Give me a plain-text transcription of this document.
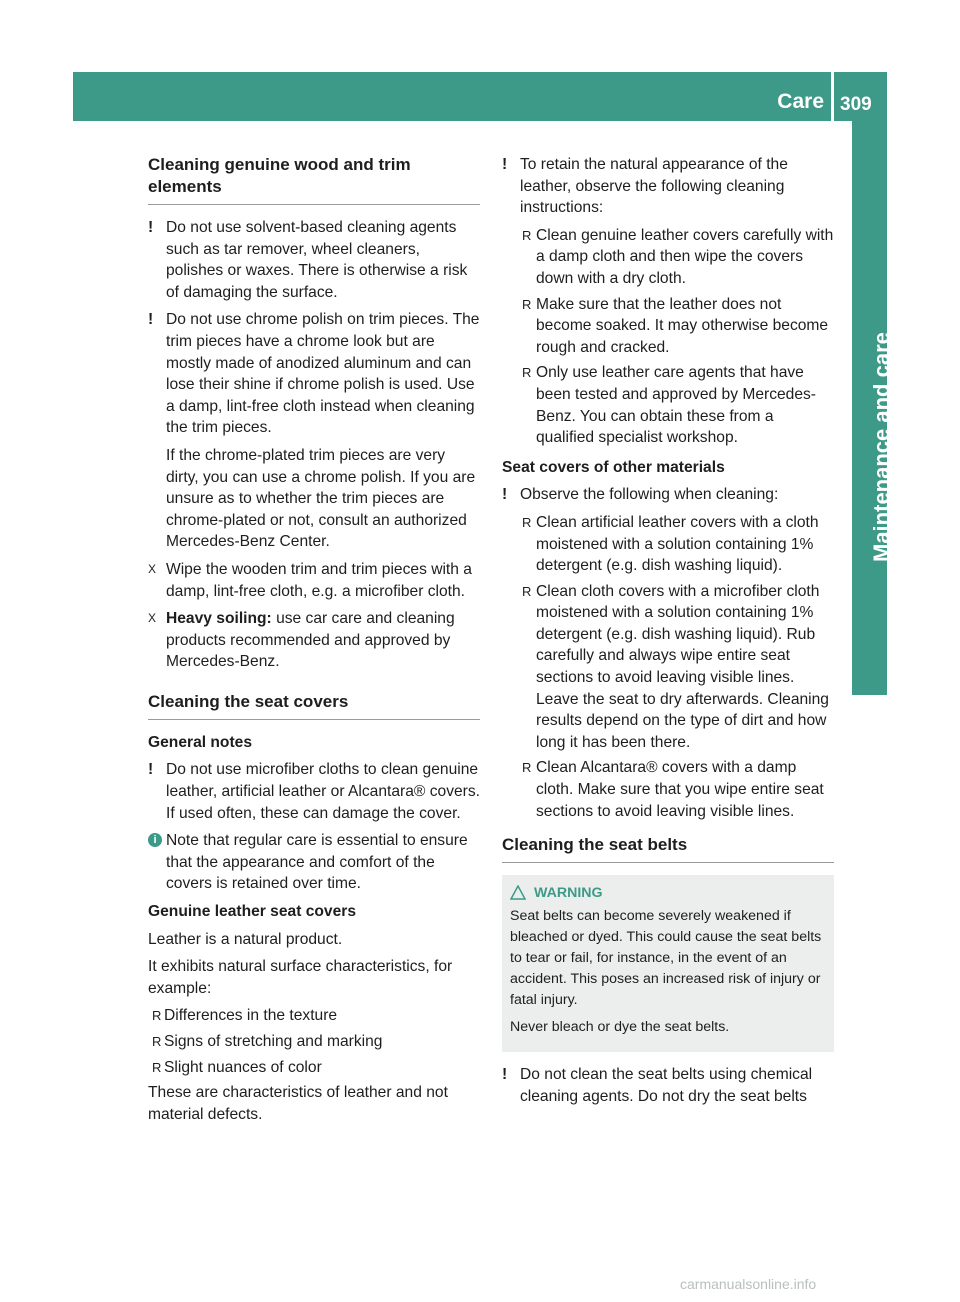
Care 309
Maintenance and care
Cleaning genuine wood and trim elements
! Do not use solvent-based cleaning agents such as tar remover, wheel cleaners, polishes or waxes. There is otherwise a risk of damaging the surface.
! Do not use chrome polish on trim pieces. The trim pieces have a chrome look but are mostly made of anodized aluminum and can lose their shine if chrome polish is used. Use a damp, lint-free cloth instead when cleaning the trim pieces.
If the chrome-plated trim pieces are very dirty, you can use a chrome polish. If you are unsure as to whether the trim pieces are chrome-plated or not, consult an authorized Mercedes-Benz Center.
X Wipe the wooden trim and trim pieces with a damp, lint-free cloth, e.g. a microfiber cloth.
X Heavy soiling: use car care and cleaning products recommended and approved by Mercedes-Benz.
Cleaning the seat covers
General notes
! Do not use microfiber cloths to clean genuine leather, artificial leather or Alcantara® covers. If used often, these can damage the cover.
i Note that regular care is essential to ensure that the appearance and comfort of the covers is retained over time.
Genuine leather seat covers

Leather is a natural product.

It exhibits natural surface characteristics, for example:

R Differences in the texture
R Signs of stretching and marking
R Slight nuances of color

These are characteristics of leather and not material defects.

! To retain the natural appearance of the leather, observe the following cleaning instructions:
R Clean genuine leather covers carefully with a damp cloth and then wipe the covers down with a dry cloth.
R Make sure that the leather does not become soaked. It may otherwise become rough and cracked.
R Only use leather care agents that have been tested and approved by Mercedes-Benz. You can obtain these from a qualified specialist workshop.
Seat covers of other materials
! Observe the following when cleaning:
R Clean artificial leather covers with a cloth moistened with a solution containing 1% detergent (e.g. dish washing liquid).
R Clean cloth covers with a microfiber cloth moistened with a solution containing 1% detergent (e.g. dish washing liquid). Rub carefully and always wipe entire seat sections to avoid leaving visible lines. Leave the seat to dry afterwards. Cleaning results depend on the type of dirt and how long it has been there.
R Clean Alcantara® covers with a damp cloth. Make sure that you wipe entire seat sections to avoid leaving visible lines.
Cleaning the seat belts
WARNING

Seat belts can become severely weakened if bleached or dyed. This could cause the seat belts to tear or fail, for instance, in the event of an accident. This poses an increased risk of injury or fatal injury.

Never bleach or dye the seat belts.

! Do not clean the seat belts using chemical cleaning agents. Do not dry the seat belts
carmanualsonline.info
